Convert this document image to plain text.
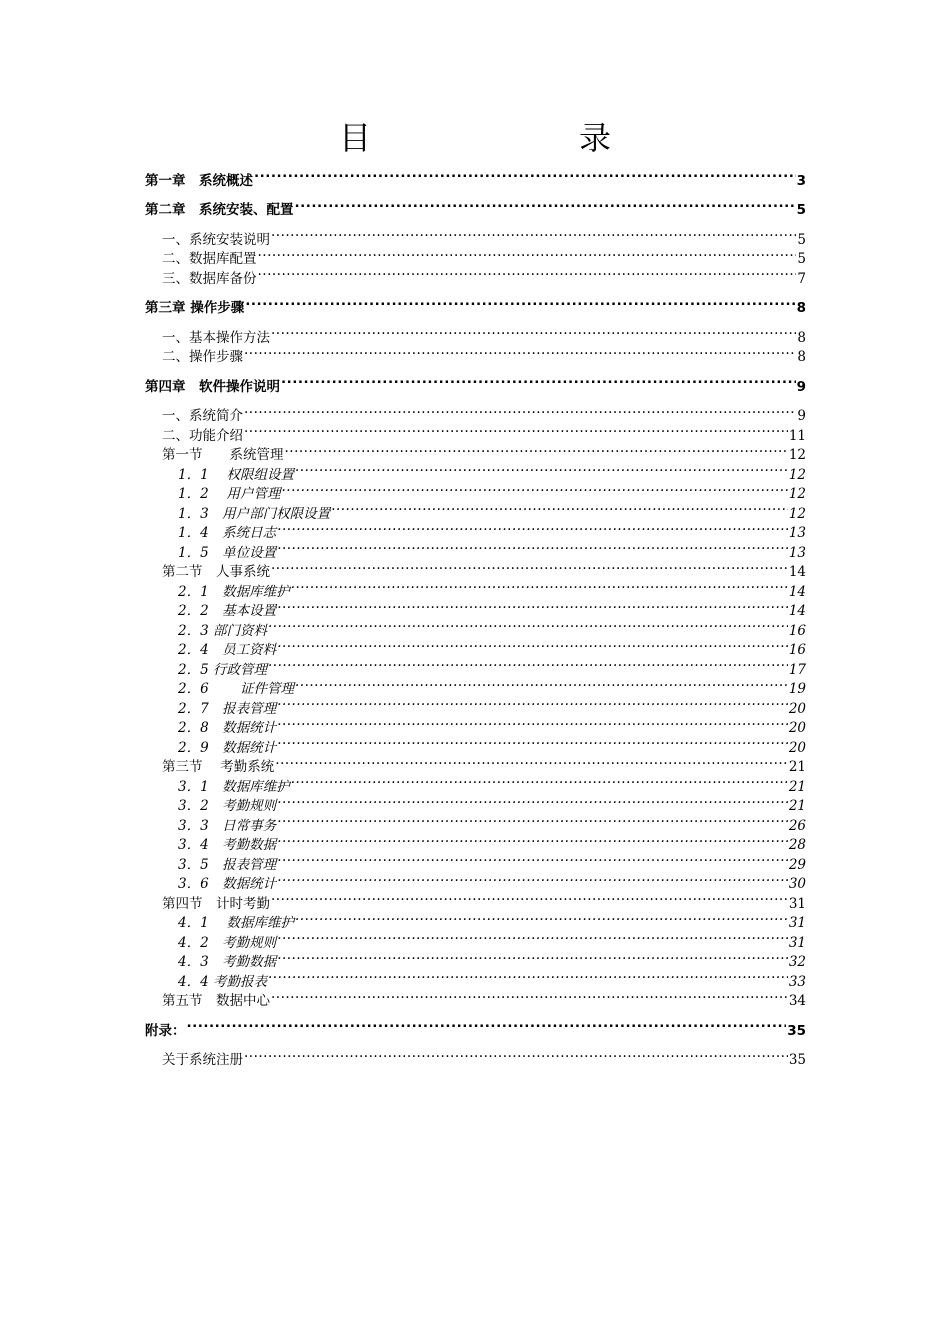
目　　录
第一章　系统概述 .....	3
第二章　系统安装、配置 .....	5
一、系统安装说明 .....	5
二、数据库配置 .....	5
三、数据库备份 .....	7
第三章 操作步骤 .....	8
一、基本操作方法 .....	8
二、操作步骤 .....	8
第四章　软件操作说明 .....	9
一、系统简介 .....	9
二、功能介绍 .....	11
第一节　　系统管理 .....	12
1．1　 权限组设置 .....	12
1．2　 用户管理 .....	12
1．3　用户部门权限设置 .....	12
1．4　系统日志 .....	13
1．5　单位设置 .....	13
第二节　人事系统 .....	14
2．1　数据库维护 .....	14
2．2　基本设置 .....	14
2．3 部门资料 .....	16
2．4　员工资料 .....	16
2．5 行政管理 .....	17
2．6　　 证件管理 .....	19
2．7　报表管理 .....	20
2．8　数据统计 .....	20
2．9　数据统计 .....	20
第三节　 考勤系统 .....	21
3．1　数据库维护 .....	21
3．2　考勤规则 .....	21
3．3　日常事务 .....	26
3．4　考勤数据 .....	28
3．5　报表管理 .....	29
3．6　数据统计 .....	30
第四节　计时考勤 .....	31
4．1　 数据库维护 .....	31
4．2　考勤规则 .....	31
4．3　考勤数据 .....	32
4．4 考勤报表 .....	33
第五节　数据中心 .....	34
附录： .....	35
关于系统注册 .....	35
